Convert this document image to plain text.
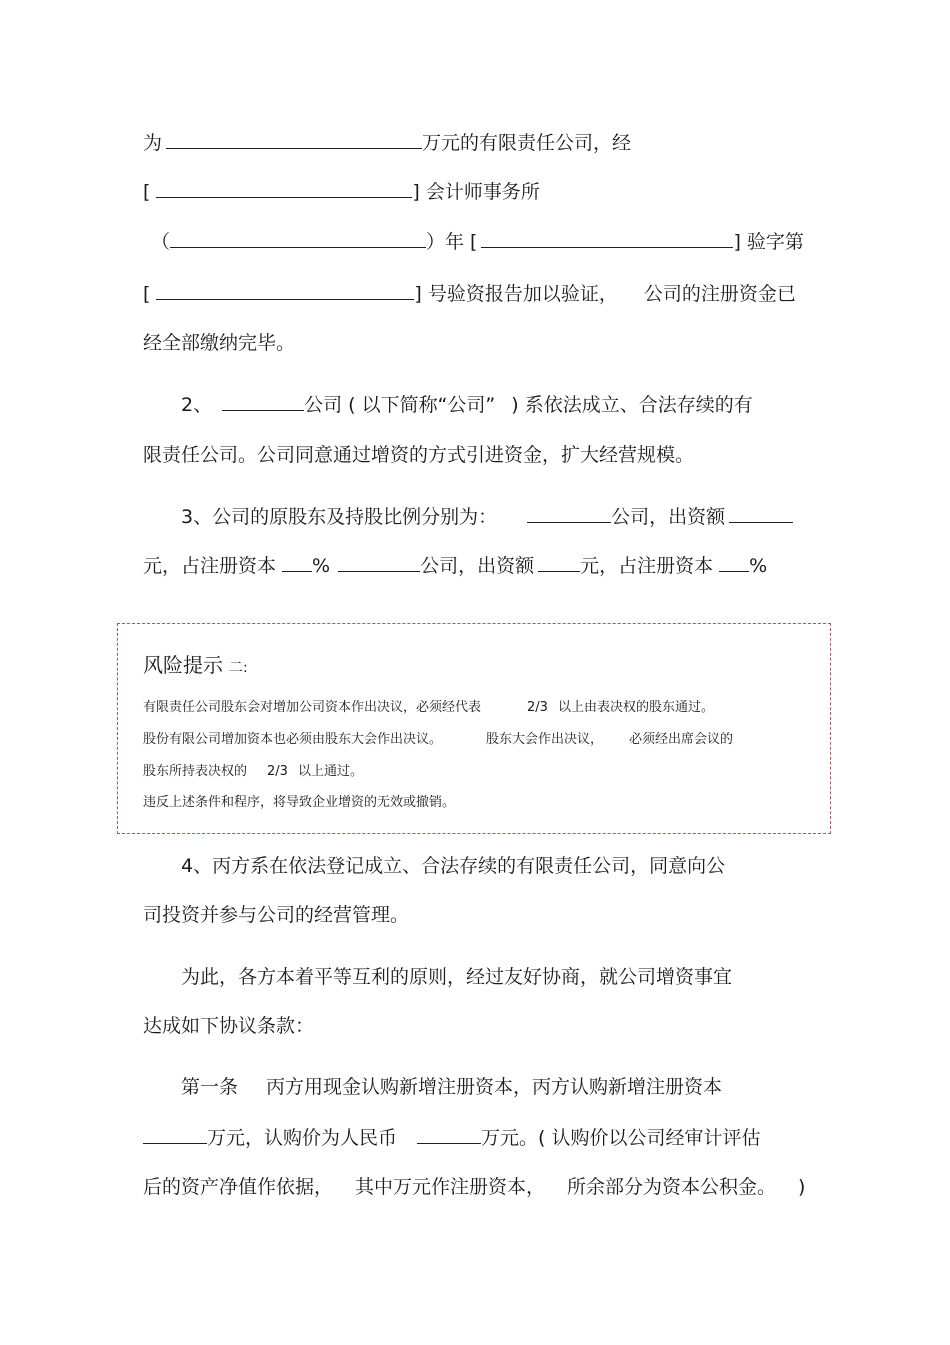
为	万元的有限责任公司，经
[	] 会计师事务所
（	）年 [	] 验字第
[	] 号验资报告加以验证， 公司的注册资金已
经全部缴纳完毕。
2、	公司 ( 以下简称“公司” ) 系依法成立、合法存续的有
限责任公司。公司同意通过增资的方式引进资金，扩大经营规模。
3、公司的原股东及持股比例分别为：	公司，出资额
元，占注册资本 %	公司，出资额 元，占注册资本 %
风险提示 二:
有限责任公司股东会对增加公司资本作出决议，必须经代表	2/3 以上由表决权的股东通过。
股份有限公司增加资本也必须由股东大会作出决议。	股东大会作出决议， 必须经出席会议的
股东所持表决权的 2/3 以上通过。
违反上述条件和程序，将导致企业增资的无效或撤销。
4、丙方系在依法登记成立、合法存续的有限责任公司，同意向公
司投资并参与公司的经营管理。
为此，各方本着平等互利的原则，经过友好协商，就公司增资事宜
达成如下协议条款：
第一条 丙方用现金认购新增注册资本，丙方认购新增注册资本
万元，认购价为人民币	万元。( 认购价以公司经审计评估
后的资产净值作依据， 其中万元作注册资本， 所余部分为资本公积金。 )
